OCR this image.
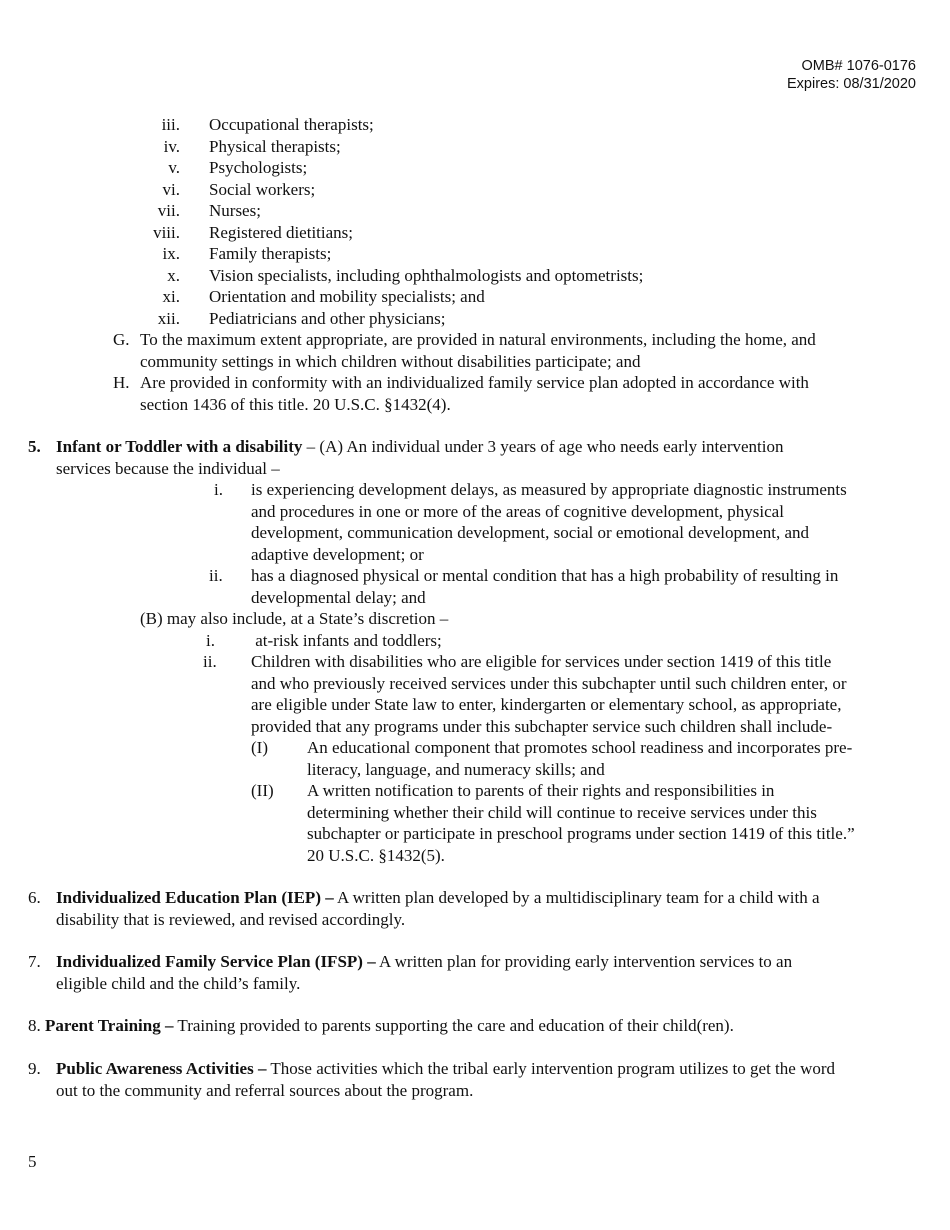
OMB# 1076-0176
Expires: 08/31/2020
iii. Occupational therapists;
iv. Physical therapists;
v. Psychologists;
vi. Social workers;
vii. Nurses;
viii. Registered dietitians;
ix. Family therapists;
x. Vision specialists, including ophthalmologists and optometrists;
xi. Orientation and mobility specialists; and
xii. Pediatricians and other physicians;
G. To the maximum extent appropriate, are provided in natural environments, including the home, and
community settings in which children without disabilities participate; and
H. Are provided in conformity with an individualized family service plan adopted in accordance with
section 1436 of this title. 20 U.S.C. §1432(4).
5. Infant or Toddler with a disability – (A) An individual under 3 years of age who needs early intervention
services because the individual –
i. is experiencing development delays, as measured by appropriate diagnostic instruments
and procedures in one or more of the areas of cognitive development, physical
development, communication development, social or emotional development, and
adaptive development; or
ii. has a diagnosed physical or mental condition that has a high probability of resulting in
developmental delay; and
(B) may also include, at a State’s discretion –
i. at-risk infants and toddlers;
ii. Children with disabilities who are eligible for services under section 1419 of this title
and who previously received services under this subchapter until such children enter, or
are eligible under State law to enter, kindergarten or elementary school, as appropriate,
provided that any programs under this subchapter service such children shall include-
(I) An educational component that promotes school readiness and incorporates pre-
literacy, language, and numeracy skills; and
(II) A written notification to parents of their rights and responsibilities in
determining whether their child will continue to receive services under this
subchapter or participate in preschool programs under section 1419 of this title.”
20 U.S.C. §1432(5).
6. Individualized Education Plan (IEP) – A written plan developed by a multidisciplinary team for a child with a
disability that is reviewed, and revised accordingly.
7. Individualized Family Service Plan (IFSP) – A written plan for providing early intervention services to an
eligible child and the child’s family.
8. Parent Training – Training provided to parents supporting the care and education of their child(ren).
9. Public Awareness Activities – Those activities which the tribal early intervention program utilizes to get the word
out to the community and referral sources about the program.
5
